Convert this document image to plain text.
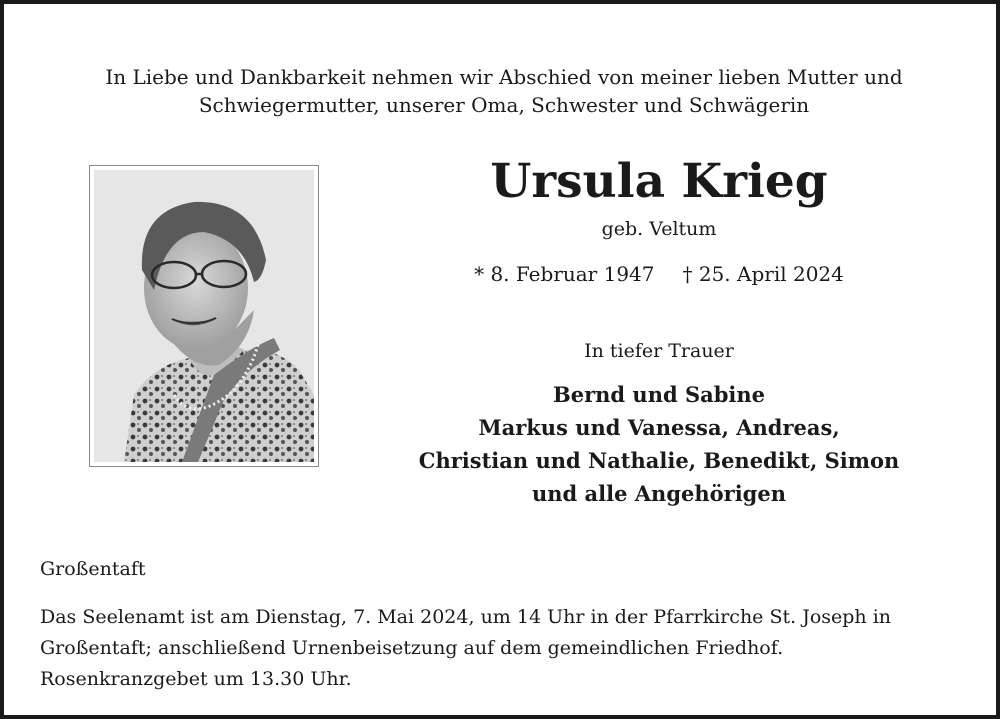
In Liebe und Dankbarkeit nehmen wir Abschied von meiner lieben Mutter und
Schwiegermutter, unserer Oma, Schwester und Schwägerin
Ursula Krieg
geb. Veltum
* 8. Februar 1947 † 25. April 2024
In tiefer Trauer
Bernd und Sabine
Markus und Vanessa, Andreas,
Christian und Nathalie, Benedikt, Simon
und alle Angehörigen
Großentaft
Das Seelenamt ist am Dienstag, 7. Mai 2024, um 14 Uhr in der Pfarrkirche St. Joseph in
Großentaft; anschließend Urnenbeisetzung auf dem gemeindlichen Friedhof.
Rosenkranzgebet um 13.30 Uhr.
